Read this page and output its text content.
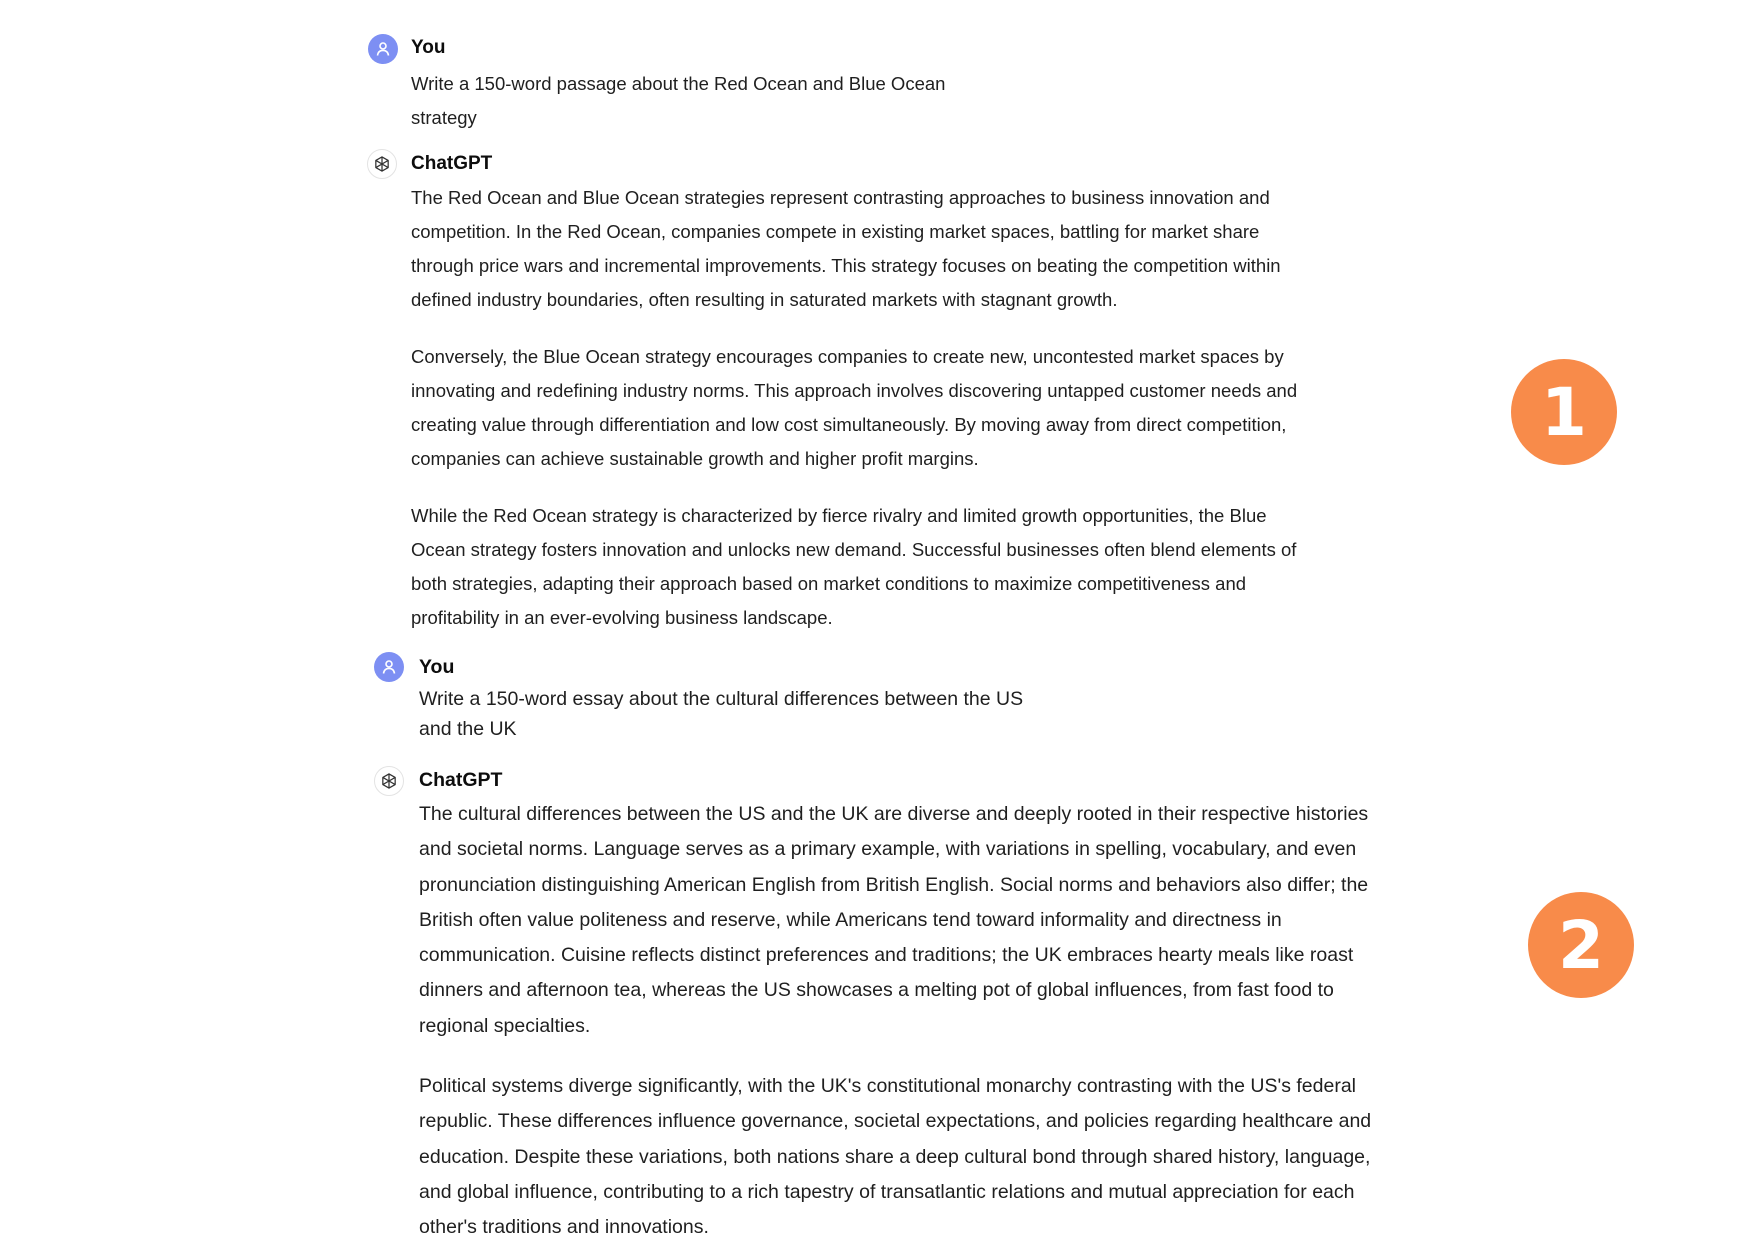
You

Write a 150-word passage about the Red Ocean and Blue Ocean strategy

ChatGPT

The Red Ocean and Blue Ocean strategies represent contrasting approaches to business innovation and competition. In the Red Ocean, companies compete in existing market spaces, battling for market share through price wars and incremental improvements. This strategy focuses on beating the competition within defined industry boundaries, often resulting in saturated markets with stagnant growth.

Conversely, the Blue Ocean strategy encourages companies to create new, uncontested market spaces by innovating and redefining industry norms. This approach involves discovering untapped customer needs and creating value through differentiation and low cost simultaneously. By moving away from direct competition, companies can achieve sustainable growth and higher profit margins.

While the Red Ocean strategy is characterized by fierce rivalry and limited growth opportunities, the Blue Ocean strategy fosters innovation and unlocks new demand. Successful businesses often blend elements of both strategies, adapting their approach based on market conditions to maximize competitiveness and profitability in an ever-evolving business landscape.

You

Write a 150-word essay about the cultural differences between the US and the UK

ChatGPT

The cultural differences between the US and the UK are diverse and deeply rooted in their respective histories and societal norms. Language serves as a primary example, with variations in spelling, vocabulary, and even pronunciation distinguishing American English from British English. Social norms and behaviors also differ; the British often value politeness and reserve, while Americans tend toward informality and directness in communication. Cuisine reflects distinct preferences and traditions; the UK embraces hearty meals like roast dinners and afternoon tea, whereas the US showcases a melting pot of global influences, from fast food to regional specialties.

Political systems diverge significantly, with the UK's constitutional monarchy contrasting with the US's federal republic. These differences influence governance, societal expectations, and policies regarding healthcare and education. Despite these variations, both nations share a deep cultural bond through shared history, language, and global influence, contributing to a rich tapestry of transatlantic relations and mutual appreciation for each other's traditions and innovations.

1
2
